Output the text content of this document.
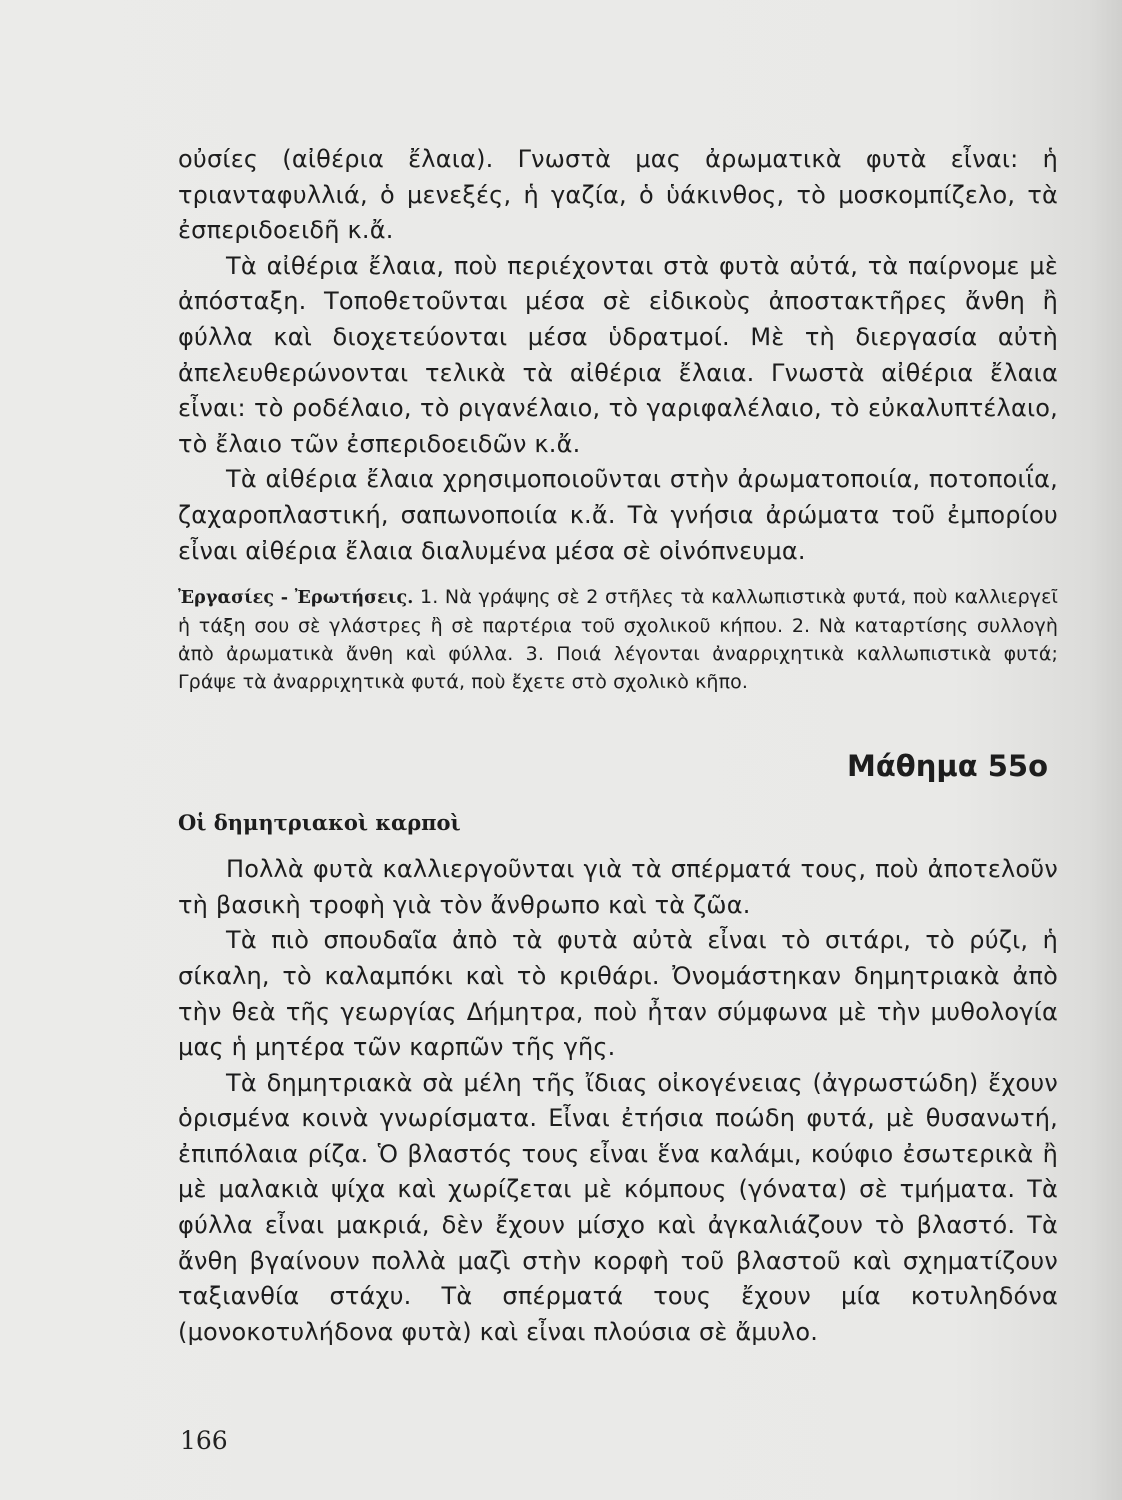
οὐσίες (αἰθέρια ἔλαια). Γνωστὰ μας ἀρωματικὰ φυτὰ εἶναι: ἡ τριανταφυλλιά, ὁ μενεξές, ἡ γαζία, ὁ ὑάκινθος, τὸ μοσκομπίζελο, τὰ ἐσπεριδοειδῆ κ.ἄ.

Τὰ αἰθέρια ἔλαια, ποὺ περιέχονται στὰ φυτὰ αὐτά, τὰ παίρνομε μὲ ἀπόσταξη. Τοποθετοῦνται μέσα σὲ εἰδικοὺς ἀποστακτῆρες ἄνθη ἢ φύλλα καὶ διοχετεύονται μέσα ὑδρατμοί. Μὲ τὴ διεργασία αὐτὴ ἀπελευθερώνονται τελικὰ τὰ αἰθέρια ἔλαια. Γνωστὰ αἰθέρια ἔλαια εἶναι: τὸ ροδέλαιο, τὸ ριγανέλαιο, τὸ γαριφαλέλαιο, τὸ εὐκαλυπτέλαιο, τὸ ἔλαιο τῶν ἐσπεριδοειδῶν κ.ἄ.

Τὰ αἰθέρια ἔλαια χρησιμοποιοῦνται στὴν ἀρωματοποιία, ποτοποιΐα, ζαχαροπλαστική, σαπωνοποιία κ.ἄ. Τὰ γνήσια ἀρώματα τοῦ ἐμπορίου εἶναι αἰθέρια ἔλαια διαλυμένα μέσα σὲ οἰνόπνευμα.

Ἐργασίες - Ἐρωτήσεις. 1. Νὰ γράψης σὲ 2 στῆλες τὰ καλλωπιστικὰ φυτά, ποὺ καλλιεργεῖ ἡ τάξη σου σὲ γλάστρες ἢ σὲ παρτέρια τοῦ σχολικοῦ κήπου. 2. Νὰ καταρτίσης συλλογὴ ἀπὸ ἀρωματικὰ ἄνθη καὶ φύλλα. 3. Ποιά λέγονται ἀναρριχητικὰ καλλωπιστικὰ φυτά; Γράψε τὰ ἀναρριχητικὰ φυτά, ποὺ ἔχετε στὸ σχολικὸ κῆπο.

Μάθημα 55ο
Οἱ δημητριακοὶ καρποὶ

Πολλὰ φυτὰ καλλιεργοῦνται γιὰ τὰ σπέρματά τους, ποὺ ἀποτελοῦν τὴ βασικὴ τροφὴ γιὰ τὸν ἄνθρωπο καὶ τὰ ζῶα.

Τὰ πιὸ σπουδαῖα ἀπὸ τὰ φυτὰ αὐτὰ εἶναι τὸ σιτάρι, τὸ ρύζι, ἡ σίκαλη, τὸ καλαμπόκι καὶ τὸ κριθάρι. Ὀνομάστηκαν δημητριακὰ ἀπὸ τὴν θεὰ τῆς γεωργίας Δήμητρα, ποὺ ἦταν σύμφωνα μὲ τὴν μυθολογία μας ἡ μητέρα τῶν καρπῶν τῆς γῆς.

Τὰ δημητριακὰ σὰ μέλη τῆς ἴδιας οἰκογένειας (ἀγρωστώδη) ἔχουν ὁρισμένα κοινὰ γνωρίσματα. Εἶναι ἐτήσια ποώδη φυτά, μὲ θυσανωτή, ἐπιπόλαια ρίζα. Ὁ βλαστός τους εἶναι ἕνα καλάμι, κούφιο ἐσωτερικὰ ἢ μὲ μαλακιὰ ψίχα καὶ χωρίζεται μὲ κόμπους (γόνατα) σὲ τμήματα. Τὰ φύλλα εἶναι μακριά, δὲν ἔχουν μίσχο καὶ ἀγκαλιάζουν τὸ βλαστό. Τὰ ἄνθη βγαίνουν πολλὰ μαζὶ στὴν κορφὴ τοῦ βλαστοῦ καὶ σχηματίζουν ταξιανθία στάχυ. Τὰ σπέρματά τους ἔχουν μία κοτυληδόνα (μονοκοτυλήδονα φυτὰ) καὶ εἶναι πλούσια σὲ ἄμυλο.

166
